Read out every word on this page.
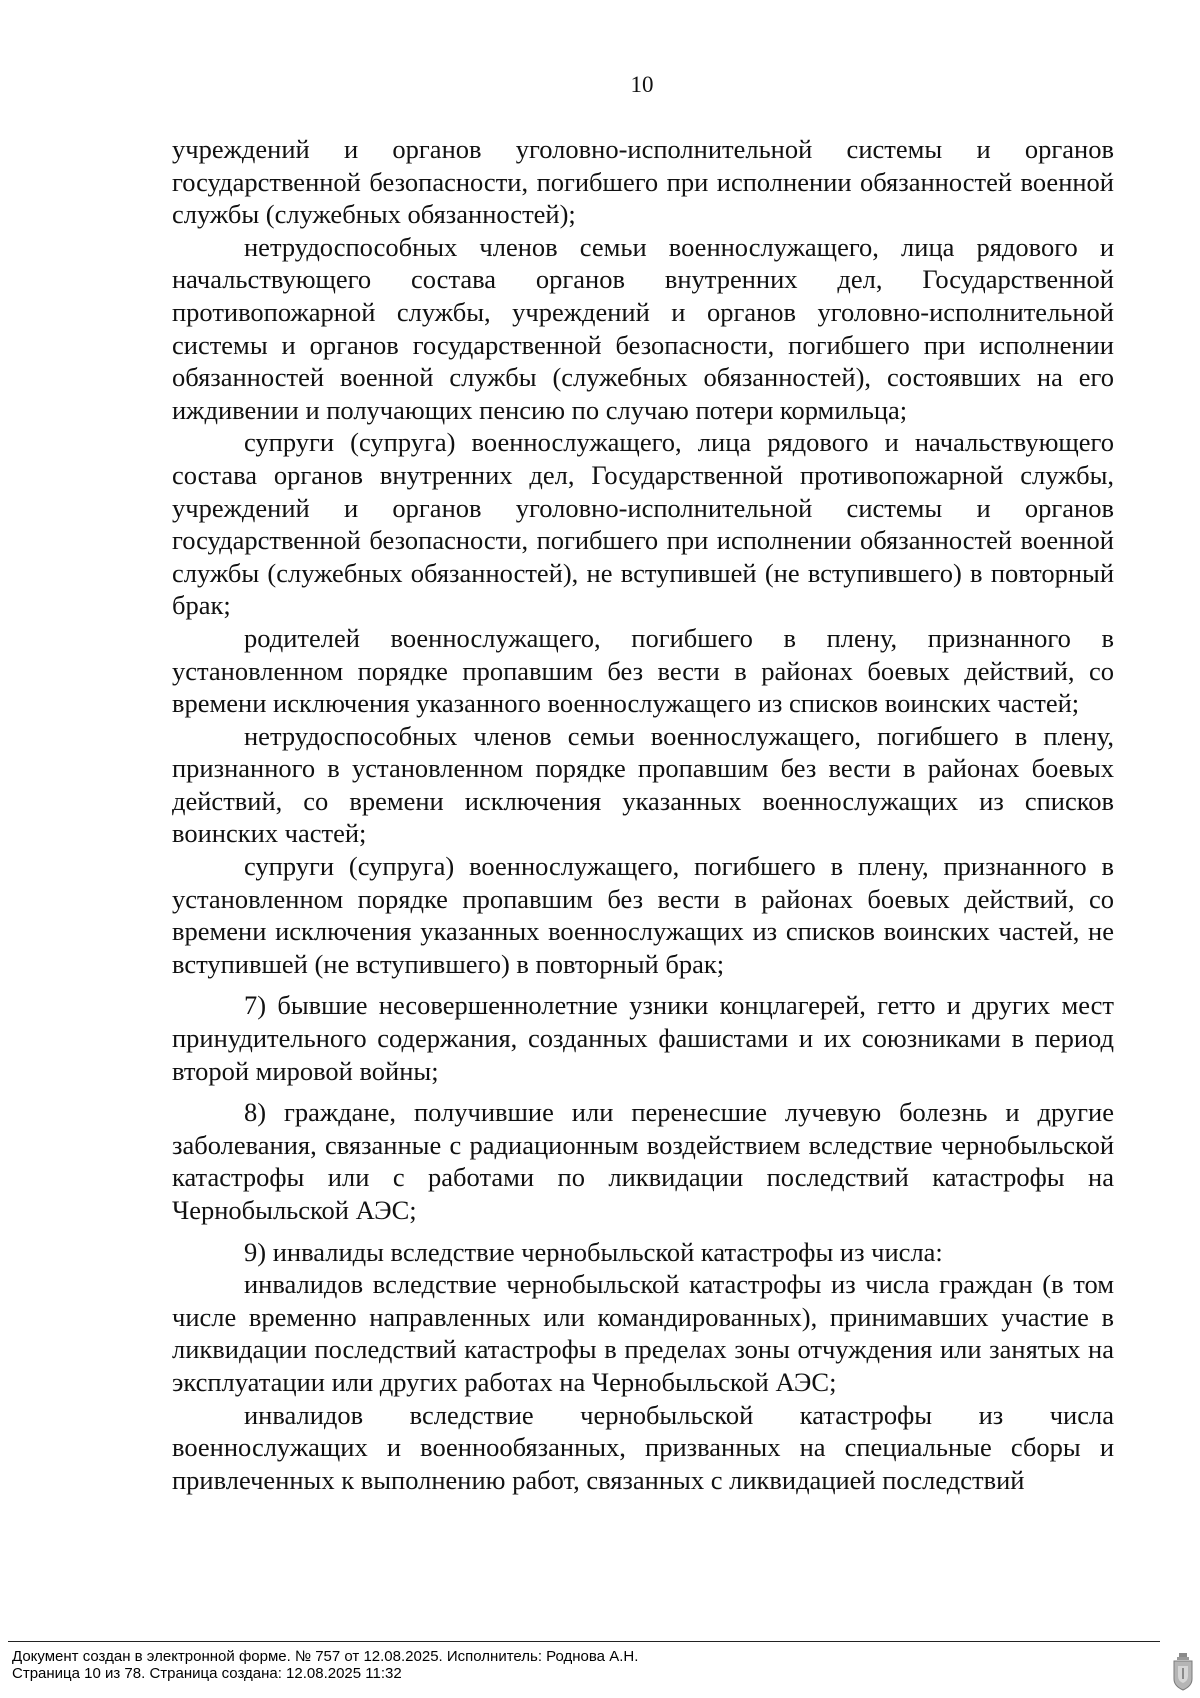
10

учреждений и органов уголовно-исполнительной системы и органов государственной безопасности, погибшего при исполнении обязанностей военной службы (служебных обязанностей);

нетрудоспособных членов семьи военнослужащего, лица рядового и начальствующего состава органов внутренних дел, Государственной противопожарной службы, учреждений и органов уголовно-исполнительной системы и органов государственной безопасности, погибшего при исполнении обязанностей военной службы (служебных обязанностей), состоявших на его иждивении и получающих пенсию по случаю потери кормильца;

супруги (супруга) военнослужащего, лица рядового и начальствующего состава органов внутренних дел, Государственной противопожарной службы, учреждений и органов уголовно-исполнительной системы и органов государственной безопасности, погибшего при исполнении обязанностей военной службы (служебных обязанностей), не вступившей (не вступившего) в повторный брак;

родителей военнослужащего, погибшего в плену, признанного в установленном порядке пропавшим без вести в районах боевых действий, со времени исключения указанного военнослужащего из списков воинских частей;

нетрудоспособных членов семьи военнослужащего, погибшего в плену, признанного в установленном порядке пропавшим без вести в районах боевых действий, со времени исключения указанных военнослужащих из списков воинских частей;

супруги (супруга) военнослужащего, погибшего в плену, признанного в установленном порядке пропавшим без вести в районах боевых действий, со времени исключения указанных военнослужащих из списков воинских частей, не вступившей (не вступившего) в повторный брак;

7) бывшие несовершеннолетние узники концлагерей, гетто и других мест принудительного содержания, созданных фашистами и их союзниками в период второй мировой войны;

8) граждане, получившие или перенесшие лучевую болезнь и другие заболевания, связанные с радиационным воздействием вследствие чернобыльской катастрофы или с работами по ликвидации последствий катастрофы на Чернобыльской АЭС;

9) инвалиды вследствие чернобыльской катастрофы из числа:

инвалидов вследствие чернобыльской катастрофы из числа граждан (в том числе временно направленных или командированных), принимавших участие в ликвидации последствий катастрофы в пределах зоны отчуждения или занятых на эксплуатации или других работах на Чернобыльской АЭС;

инвалидов вследствие чернобыльской катастрофы из числа военнослужащих и военнообязанных, призванных на специальные сборы и привлеченных к выполнению работ, связанных с ликвидацией последствий

Документ создан в электронной форме. № 757 от 12.08.2025. Исполнитель: Роднова А.Н.
Страница 10 из 78. Страница создана: 12.08.2025 11:32
